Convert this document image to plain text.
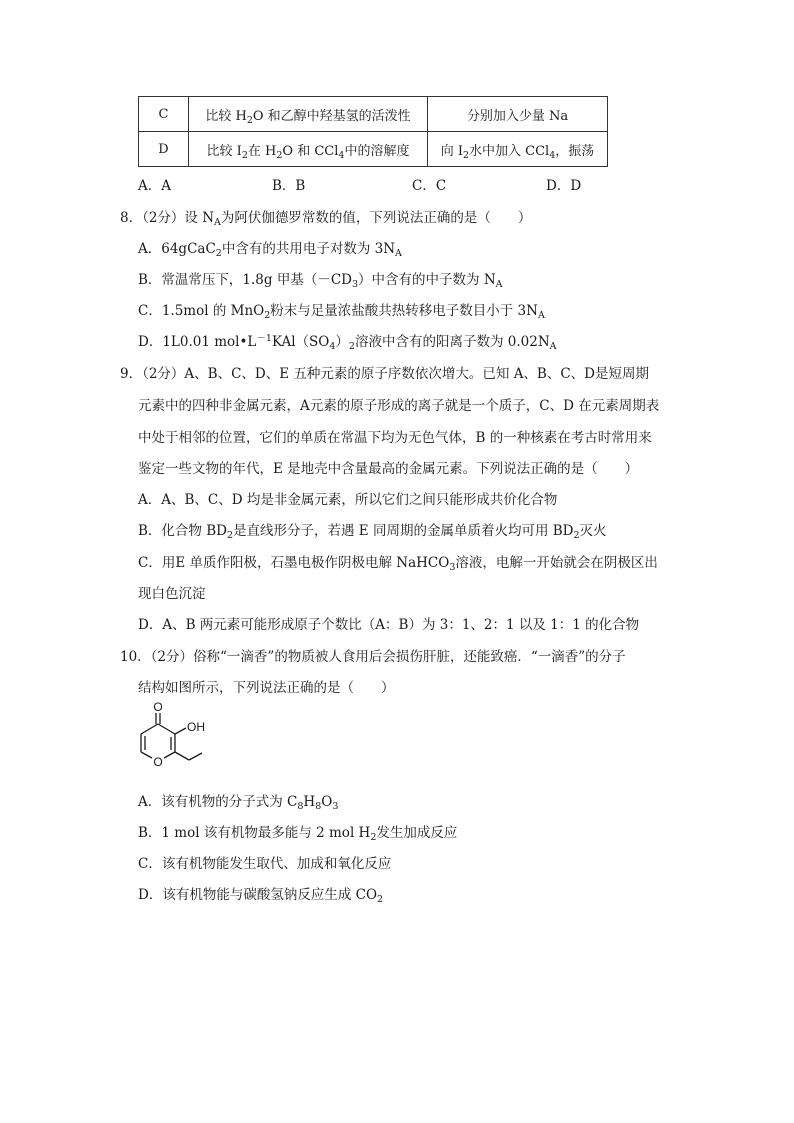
C	比较 $H_2O$ 和乙醇中羟基氢的活泼性	分别加入少量 Na
D	比较 $I_2$在 $H_2O$ 和 CCl$_4$中的溶解度	向 $I_2$水中加入 CCl$_4$，振荡
A．A	B．B	C．C	D．D
8．（2分）设 $N_A$为阿伏伽德罗常数的值，下列说法正确的是（　　）
A．64gCaC$_2$中含有的共用电子对数为 $3N_A$
B．常温常压下，1.8g 甲基$(-CD_3)$中含有的中子数为 $N_A$
C．1.5mol 的 MnO$_2$粉末与足量浓盐酸共热转移电子数目小于 $3N_A$
D．1L0.01 $mol•L^{-1}KAl(SO_4)_2$溶液中含有的阳离子数为 $0.02N_A$
9．（2分）A、B、C、D、E 五种元素的原子序数依次增大。已知 A、B、C、D是短周期
元素中的四种非金属元素，A元素的原子形成的离子就是一个质子，C、D 在元素周期表
中处于相邻的位置，它们的单质在常温下均为无色气体，B 的一种核素在考古时常用来
鉴定一些文物的年代，E 是地壳中含量最高的金属元素。下列说法正确的是（　　）
A．A、B、C、D 均是非金属元素，所以它们之间只能形成共价化合物
B．化合物 $BD_2$是直线形分子，若遇 E 同周期的金属单质着火均可用 $BD_2$灭火
C．用E 单质作阳极，石墨电极作阴极电解 NaHCO$_3$溶液，电解一开始就会在阴极区出
现白色沉淀
D．A、B 两元素可能形成原子个数比（A：B）为 3：1、2：1 以及 1：1 的化合物
10．（2分）俗称“一滴香”的物质被人食用后会损伤肝脏，还能致癌．“一滴香”的分子
结构如图所示，下列说法正确的是（　　）
O
OH
O
A．该有机物的分子式为 $C_8H_8O_3$
B．1 mol 该有机物最多能与 2 mol $H_2$发生加成反应
C．该有机物能发生取代、加成和氧化反应
D．该有机物能与碳酸氢钠反应生成 $CO_2$
